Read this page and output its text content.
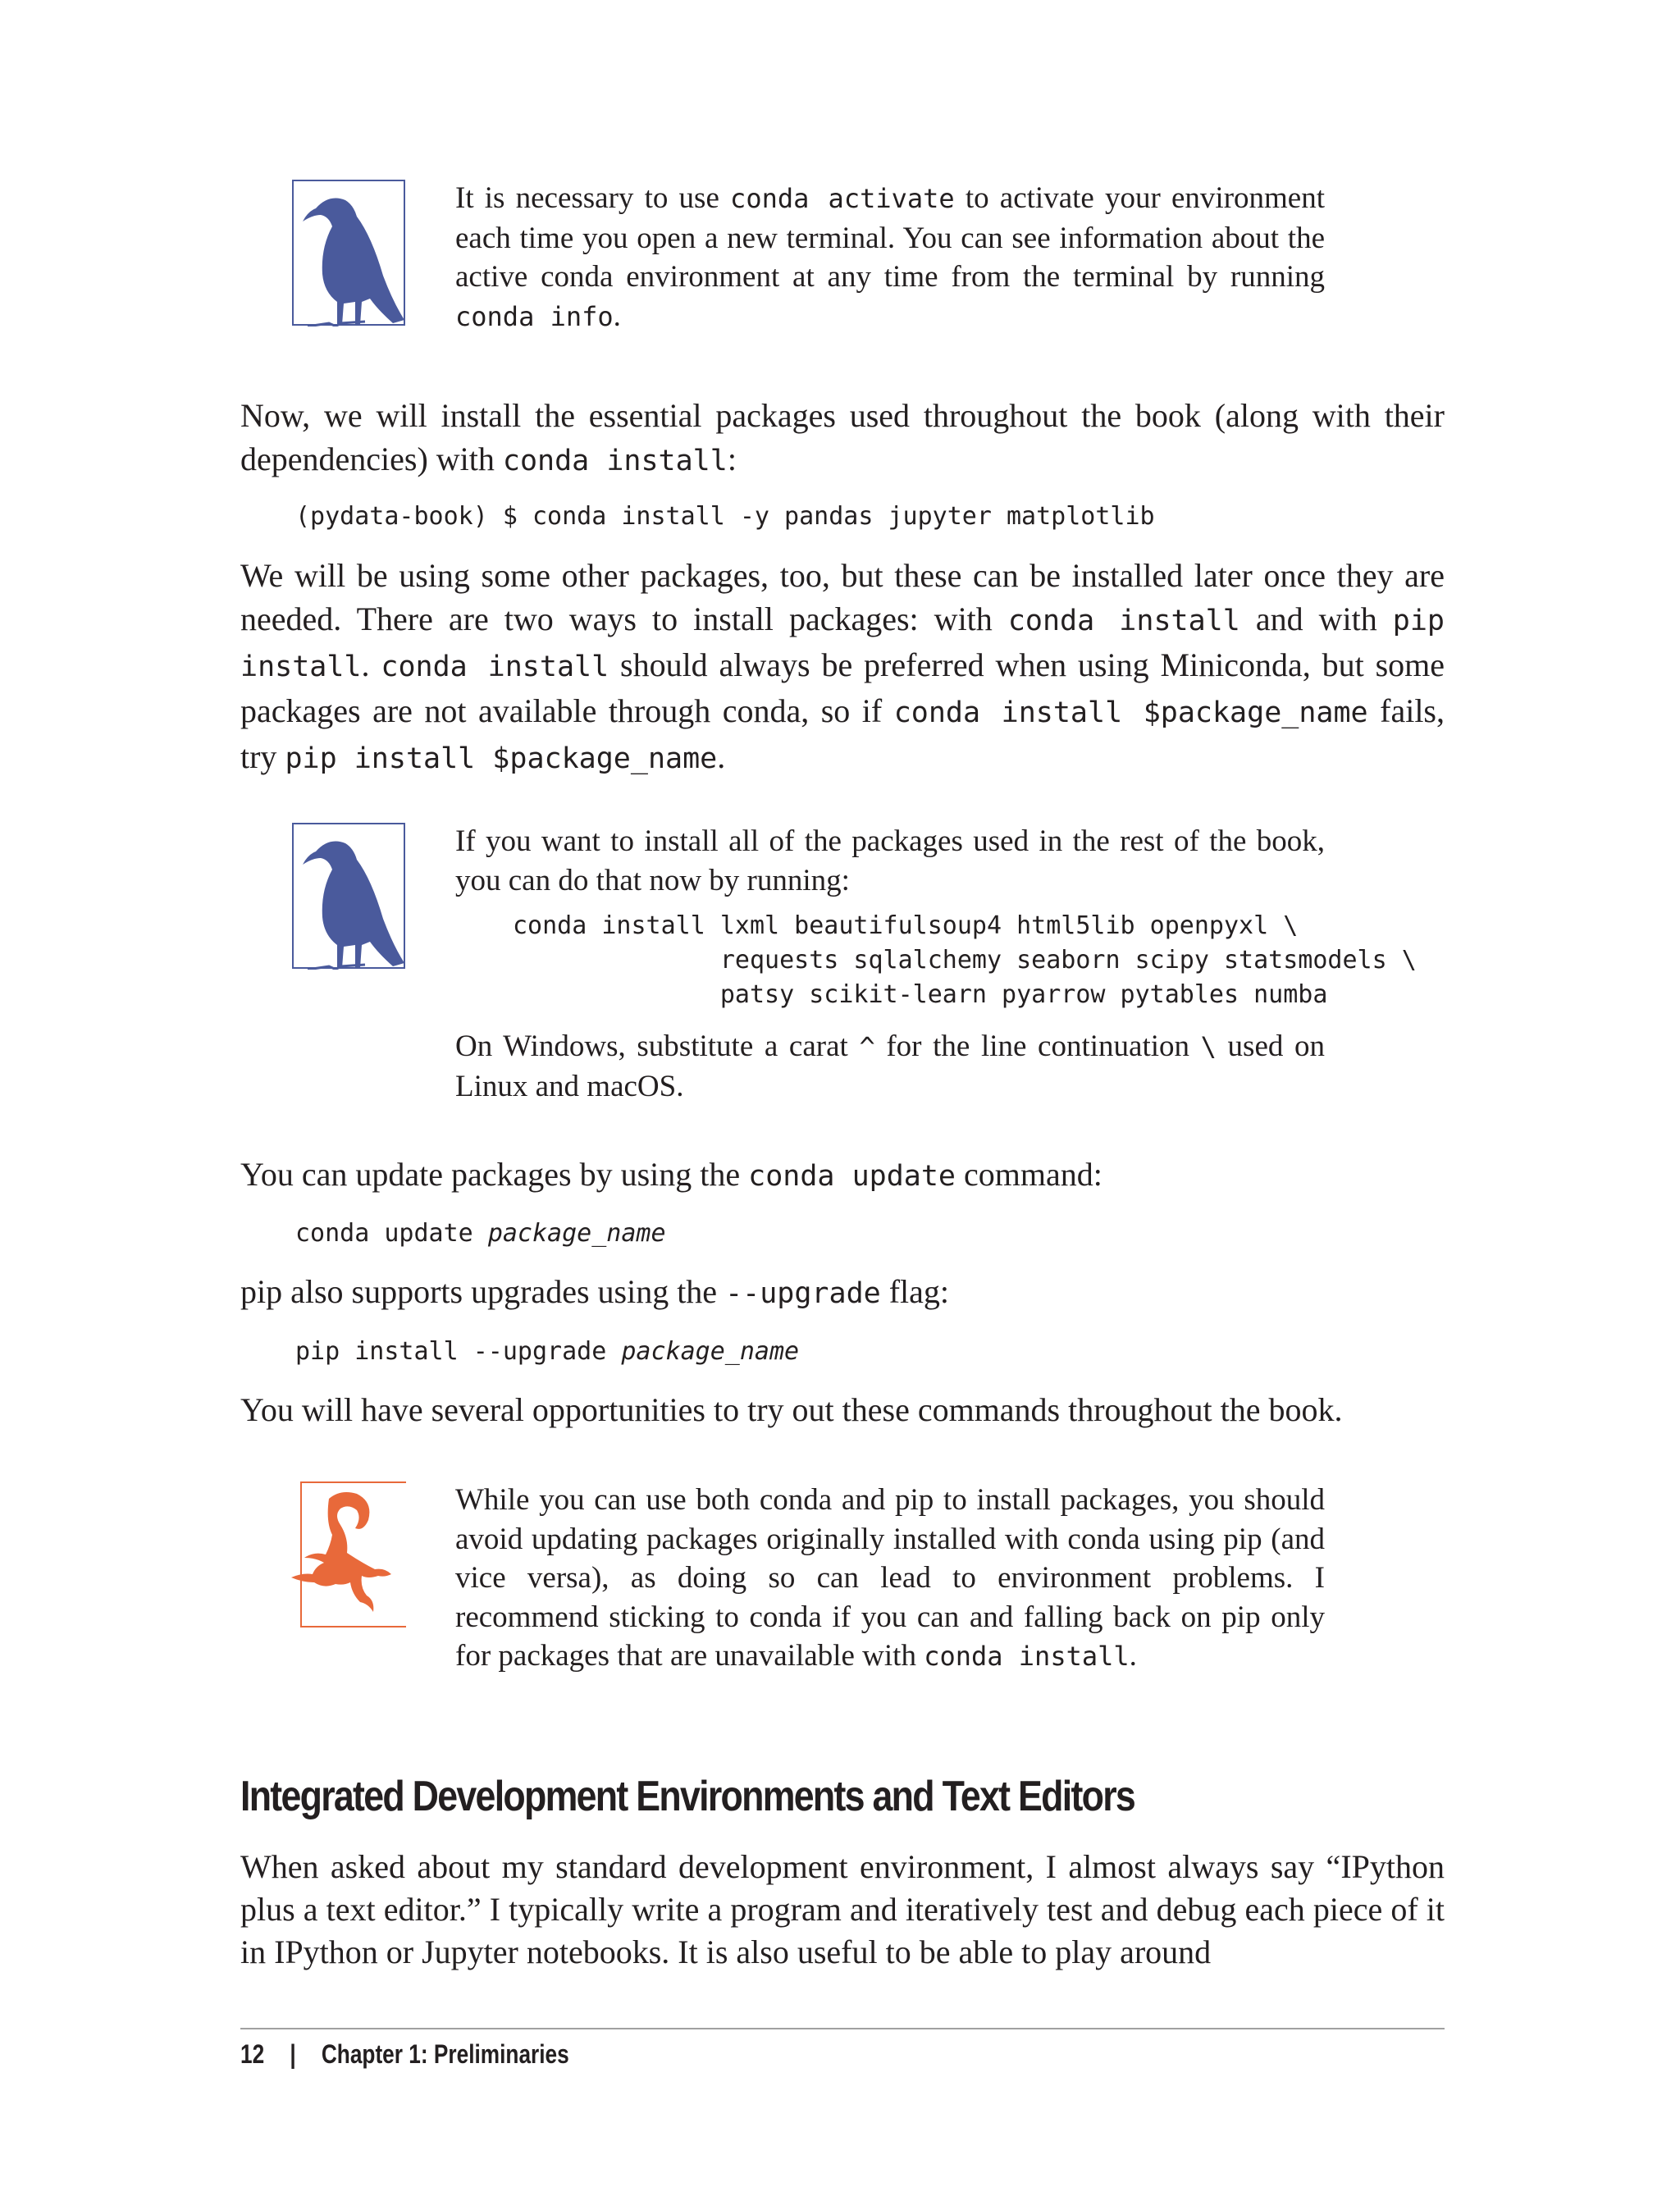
It is necessary to use conda activate to activate your environment each time you open a new terminal. You can see information about the active conda environment at any time from the terminal by running conda info.
Now, we will install the essential packages used throughout the book (along with their dependencies) with conda install:
(pydata-book) $ conda install -y pandas jupyter matplotlib
We will be using some other packages, too, but these can be installed later once they are needed. There are two ways to install packages: with conda install and with pip install. conda install should always be preferred when using Miniconda, but some packages are not available through conda, so if conda install $package_name fails, try pip install $package_name.
If you want to install all of the packages used in the rest of the book, you can do that now by running:
conda install lxml beautifulsoup4 html5lib openpyxl \
requests sqlalchemy seaborn scipy statsmodels \
patsy scikit-learn pyarrow pytables numba
On Windows, substitute a carat ^ for the line continuation \ used on Linux and macOS.
You can update packages by using the conda update command:
conda update package_name
pip also supports upgrades using the --upgrade flag:
pip install --upgrade package_name
You will have several opportunities to try out these commands throughout the book.
While you can use both conda and pip to install packages, you should avoid updating packages originally installed with conda using pip (and vice versa), as doing so can lead to environment problems. I recommend sticking to conda if you can and falling back on pip only for packages that are unavailable with conda install.
Integrated Development Environments and Text Editors
When asked about my standard development environment, I almost always say “IPython plus a text editor.” I typically write a program and iteratively test and debug each piece of it in IPython or Jupyter notebooks. It is also useful to be able to play around
12 | Chapter 1: Preliminaries
